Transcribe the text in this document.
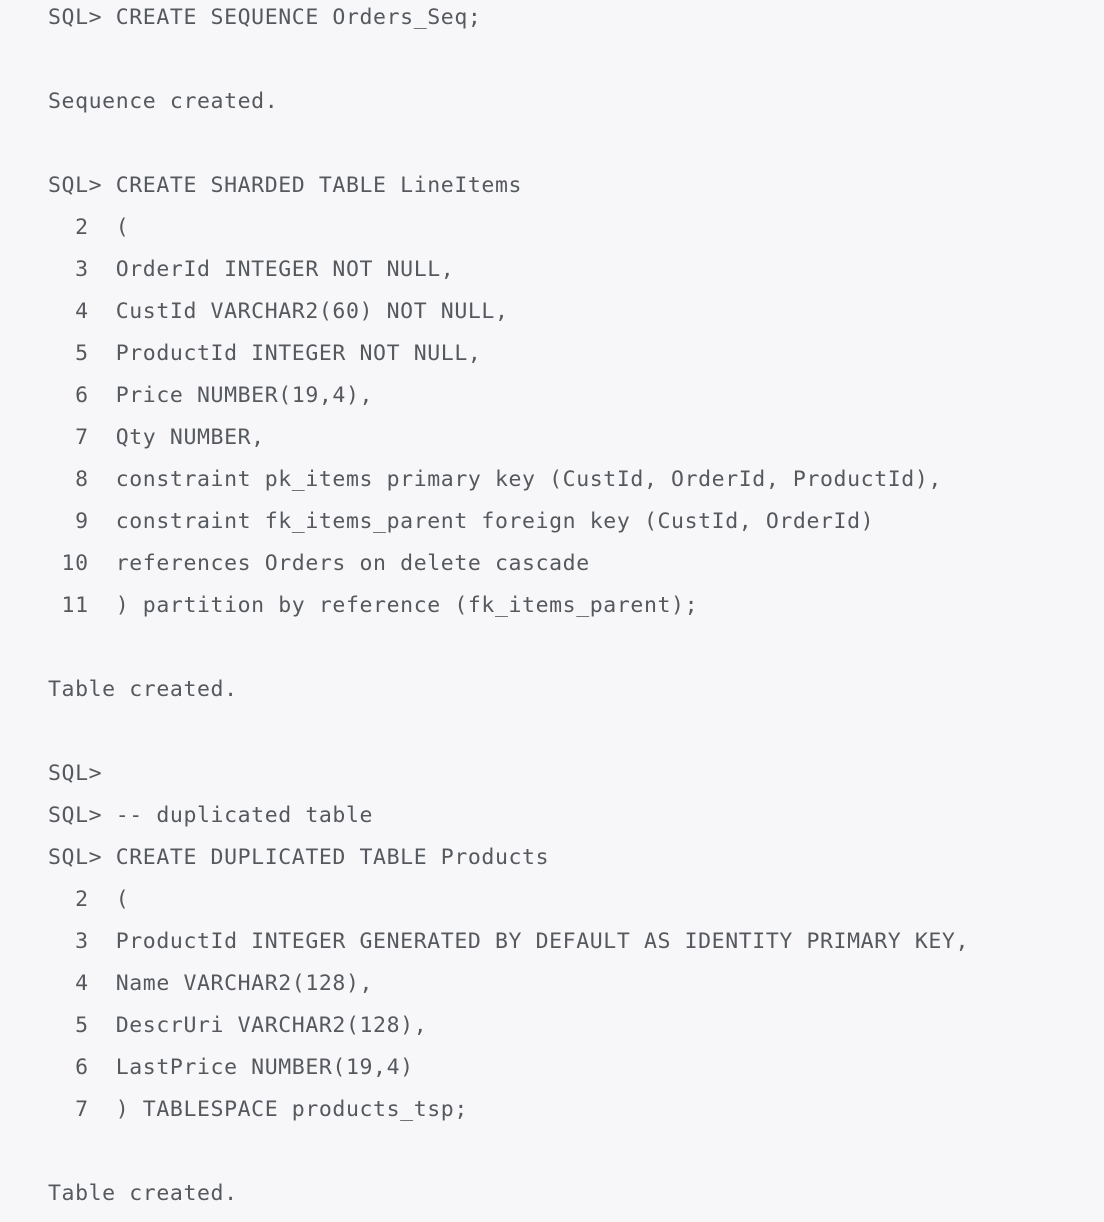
SQL> CREATE SEQUENCE Orders_Seq;
Sequence created.
SQL> CREATE SHARDED TABLE LineItems
2  (
3  OrderId INTEGER NOT NULL,
4  CustId VARCHAR2(60) NOT NULL,
5  ProductId INTEGER NOT NULL,
6  Price NUMBER(19,4),
7  Qty NUMBER,
8  constraint pk_items primary key (CustId, OrderId, ProductId),
9  constraint fk_items_parent foreign key (CustId, OrderId)
10  references Orders on delete cascade
11  ) partition by reference (fk_items_parent);
Table created.
SQL>
SQL> -- duplicated table
SQL> CREATE DUPLICATED TABLE Products
2  (
3  ProductId INTEGER GENERATED BY DEFAULT AS IDENTITY PRIMARY KEY,
4  Name VARCHAR2(128),
5  DescrUri VARCHAR2(128),
6  LastPrice NUMBER(19,4)
7  ) TABLESPACE products_tsp;
Table created.
